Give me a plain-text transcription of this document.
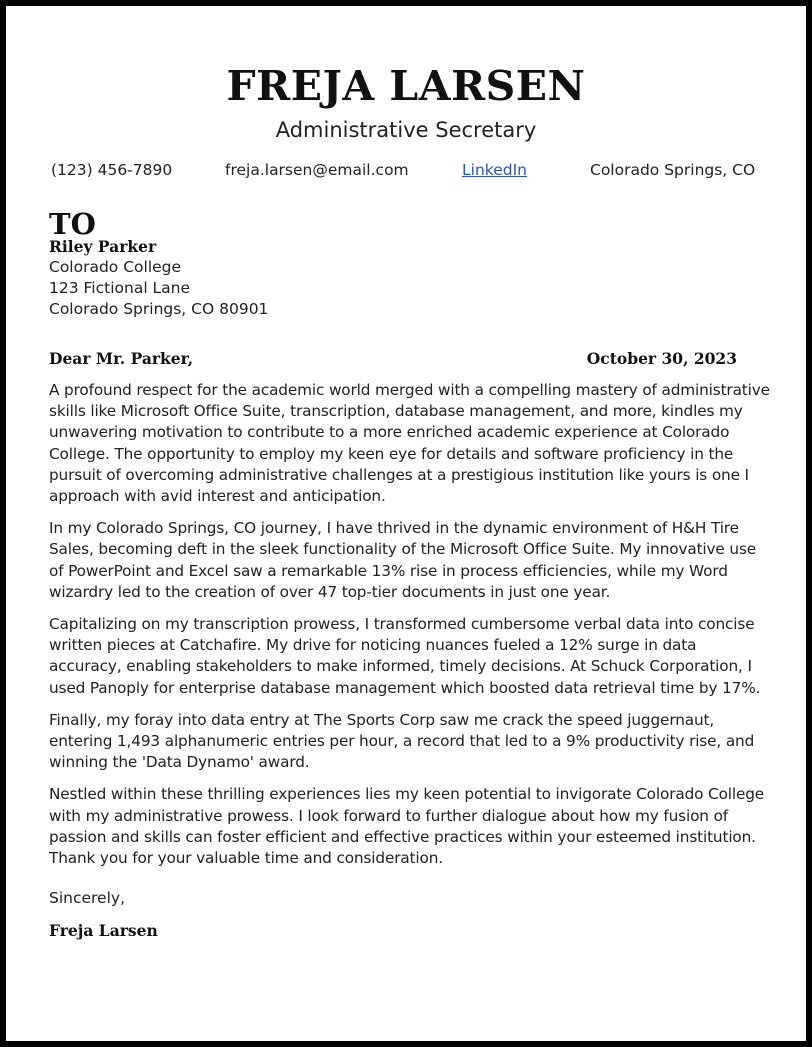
FREJA LARSEN
Administrative Secretary
(123) 456-7890	freja.larsen@email.com	LinkedIn	Colorado Springs, CO
TO
Riley Parker
Colorado College
123 Fictional Lane
Colorado Springs, CO 80901
Dear Mr. Parker,	October 30, 2023

A profound respect for the academic world merged with a compelling mastery of administrative skills like Microsoft Office Suite, transcription, database management, and more, kindles my unwavering motivation to contribute to a more enriched academic experience at Colorado College. The opportunity to employ my keen eye for details and software proficiency in the pursuit of overcoming administrative challenges at a prestigious institution like yours is one I approach with avid interest and anticipation.

In my Colorado Springs, CO journey, I have thrived in the dynamic environment of H&H Tire Sales, becoming deft in the sleek functionality of the Microsoft Office Suite. My innovative use of PowerPoint and Excel saw a remarkable 13% rise in process efficiencies, while my Word wizardry led to the creation of over 47 top-tier documents in just one year.

Capitalizing on my transcription prowess, I transformed cumbersome verbal data into concise written pieces at Catchafire. My drive for noticing nuances fueled a 12% surge in data accuracy, enabling stakeholders to make informed, timely decisions. At Schuck Corporation, I used Panoply for enterprise database management which boosted data retrieval time by 17%.

Finally, my foray into data entry at The Sports Corp saw me crack the speed juggernaut, entering 1,493 alphanumeric entries per hour, a record that led to a 9% productivity rise, and winning the 'Data Dynamo' award.

Nestled within these thrilling experiences lies my keen potential to invigorate Colorado College with my administrative prowess. I look forward to further dialogue about how my fusion of passion and skills can foster efficient and effective practices within your esteemed institution. Thank you for your valuable time and consideration.

Sincerely,
Freja Larsen
